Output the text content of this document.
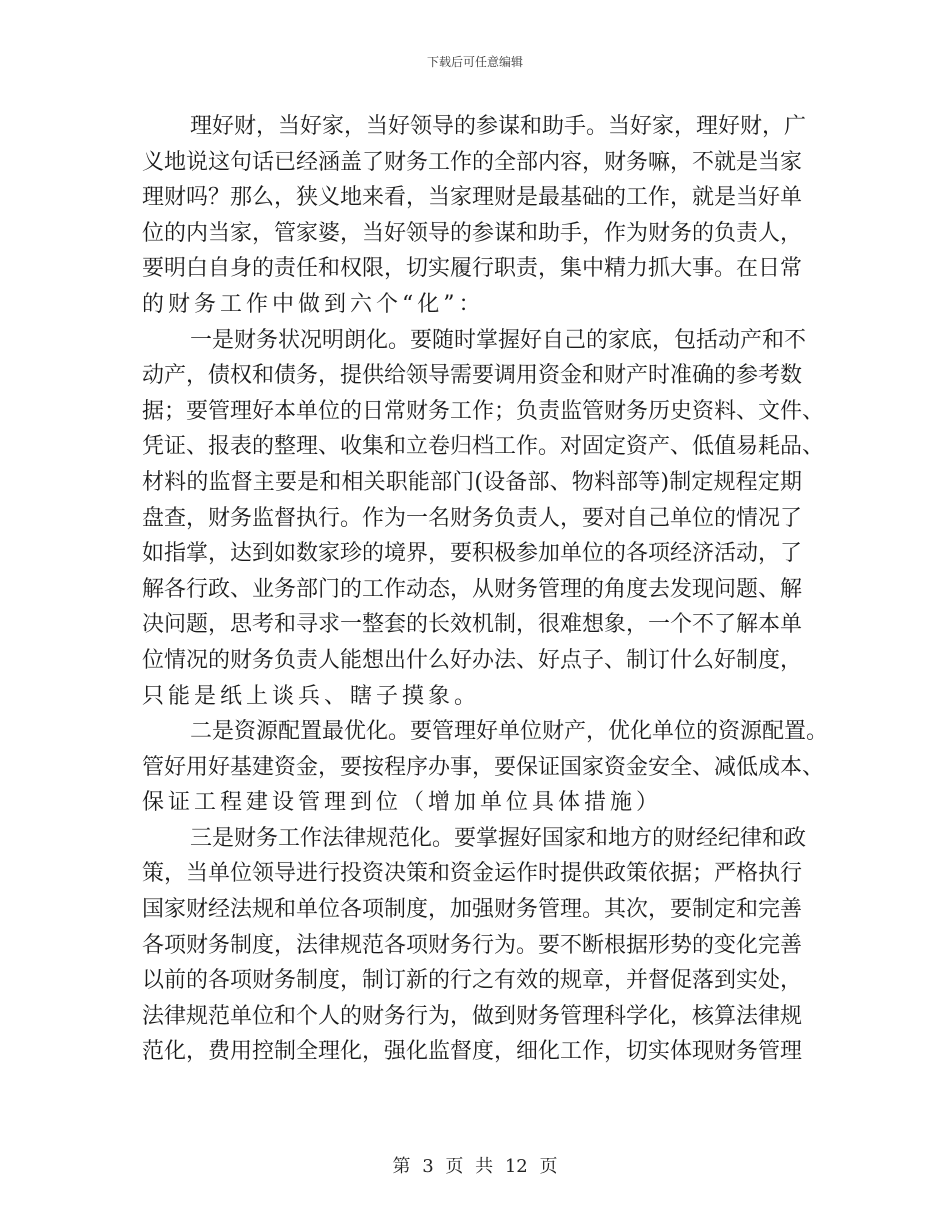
下载后可任意编辑
理好财，当好家，当好领导的参谋和助手。当好家，理好财，广
义地说这句话已经涵盖了财务工作的全部内容，财务嘛，不就是当家
理财吗？那么，狭义地来看，当家理财是最基础的工作，就是当好单
位的内当家，管家婆，当好领导的参谋和助手，作为财务的负责人，
要明白自身的责任和权限，切实履行职责，集中精力抓大事。在日常
的财务工作中做到六个“化”：
一是财务状况明朗化。要随时掌握好自己的家底，包括动产和不
动产，债权和债务，提供给领导需要调用资金和财产时准确的参考数
据；要管理好本单位的日常财务工作；负责监管财务历史资料、文件、
凭证、报表的整理、收集和立卷归档工作。对固定资产、低值易耗品、
材料的监督主要是和相关职能部门(设备部、物料部等)制定规程定期
盘查，财务监督执行。作为一名财务负责人，要对自己单位的情况了
如指掌，达到如数家珍的境界，要积极参加单位的各项经济活动，了
解各行政、业务部门的工作动态，从财务管理的角度去发现问题、解
决问题，思考和寻求一整套的长效机制，很难想象，一个不了解本单
位情况的财务负责人能想出什么好办法、好点子、制订什么好制度，
只能是纸上谈兵、瞎子摸象。
二是资源配置最优化。要管理好单位财产，优化单位的资源配置。
管好用好基建资金，要按程序办事，要保证国家资金安全、减低成本、
保证工程建设管理到位（增加单位具体措施）
三是财务工作法律规范化。要掌握好国家和地方的财经纪律和政
策，当单位领导进行投资决策和资金运作时提供政策依据；严格执行
国家财经法规和单位各项制度，加强财务管理。其次，要制定和完善
各项财务制度，法律规范各项财务行为。要不断根据形势的变化完善
以前的各项财务制度，制订新的行之有效的规章，并督促落到实处，
法律规范单位和个人的财务行为，做到财务管理科学化，核算法律规
范化，费用控制全理化，强化监督度，细化工作，切实体现财务管理
第 3 页 共 12 页
